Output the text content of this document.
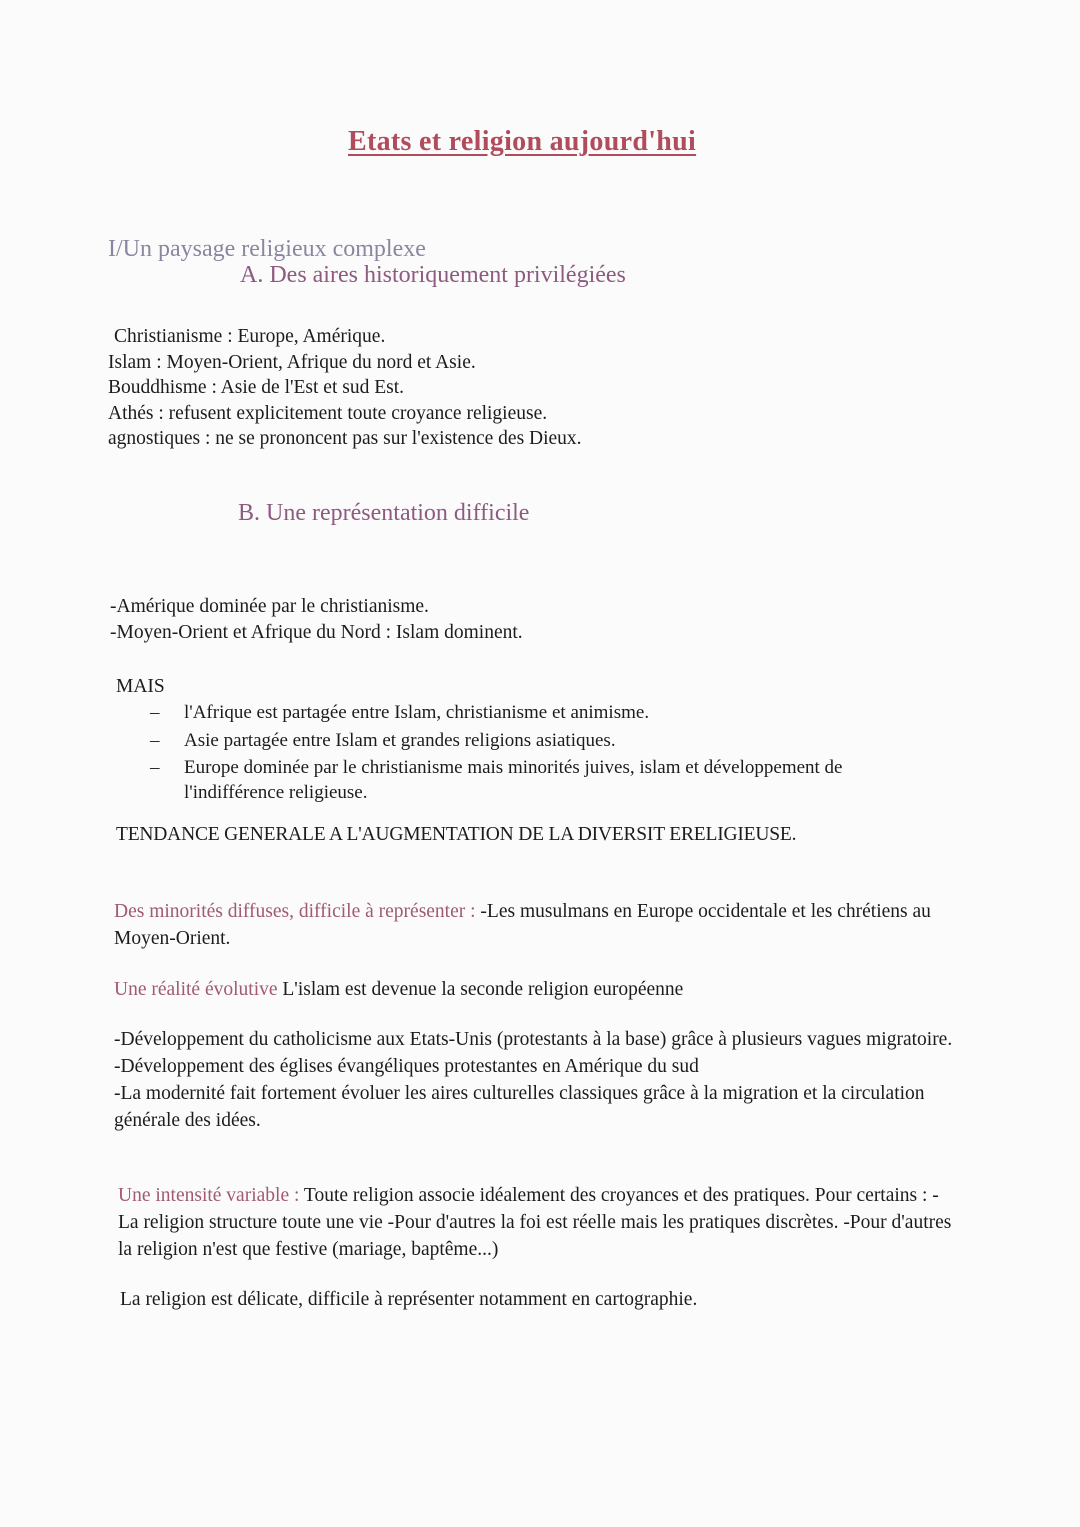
Etats et religion aujourd'hui
I/Un paysage religieux complexe
A. Des aires historiquement privilégiées
Christianisme : Europe, Amérique.
Islam : Moyen-Orient, Afrique du nord et Asie.
Bouddhisme : Asie de l'Est et sud Est.
Athés : refusent explicitement toute croyance religieuse.
agnostiques : ne se prononcent pas sur l'existence des Dieux.
B. Une représentation difficile
-Amérique dominée par le christianisme.
-Moyen-Orient et Afrique du Nord : Islam dominent.
MAIS
– l'Afrique est partagée entre Islam, christianisme et animisme.
– Asie partagée entre Islam et grandes religions asiatiques.
– Europe dominée par le christianisme mais minorités juives, islam et développement de
l'indifférence religieuse.
TENDANCE GENERALE A L'AUGMENTATION DE LA DIVERSIT ERELIGIEUSE.
Des minorités diffuses, difficile à représenter : -Les musulmans en Europe occidentale et les chrétiens au Moyen-Orient.
Une réalité évolutive L'islam est devenue la seconde religion européenne
-Développement du catholicisme aux Etats-Unis (protestants à la base) grâce à plusieurs vagues migratoire.
-Développement des églises évangéliques protestantes en Amérique du sud
-La modernité fait fortement évoluer les aires culturelles classiques grâce à la migration et la circulation générale des idées.
Une intensité variable : Toute religion associe idéalement des croyances et des pratiques. Pour certains : -La religion structure toute une vie -Pour d'autres la foi est réelle mais les pratiques discrètes. -Pour d'autres la religion n'est que festive (mariage, baptême...)
La religion est délicate, difficile à représenter notamment en cartographie.
